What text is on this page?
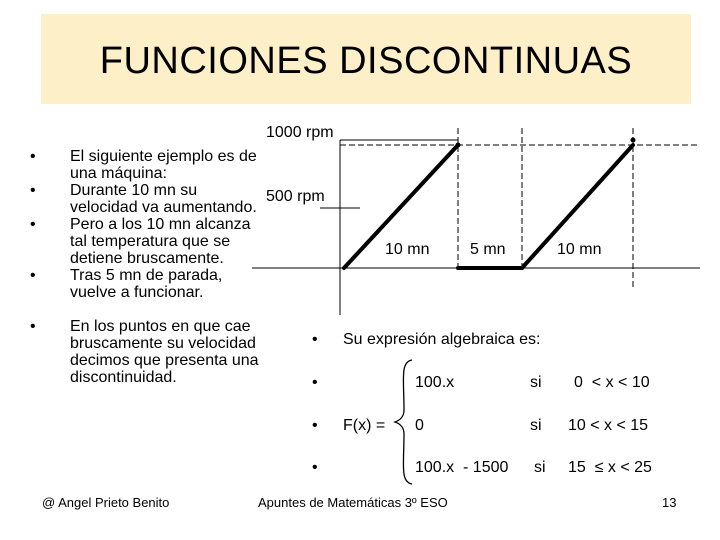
FUNCIONES DISCONTINUAS

• El siguiente ejemplo es de una máquina:

• Durante 10 mn su velocidad va aumentando.

• Pero a los 10 mn alcanza tal temperatura que se detiene bruscamente.

• Tras 5 mn de parada, vuelve a funcionar.

• En los puntos en que cae bruscamente su velocidad decimos que presenta una discontinuidad.

1000 rpm
500 rpm
10 mn	5 mn	10 mn
• Su expresión algebraica es:
•
•
•
F(x) =
100.x	si 0  < x < 10
0	si 10 < x < 15
100.x  - 1500 si 15  ≤ x < 25
@ Angel Prieto Benito	Apuntes de Matemáticas 3º ESO	13
